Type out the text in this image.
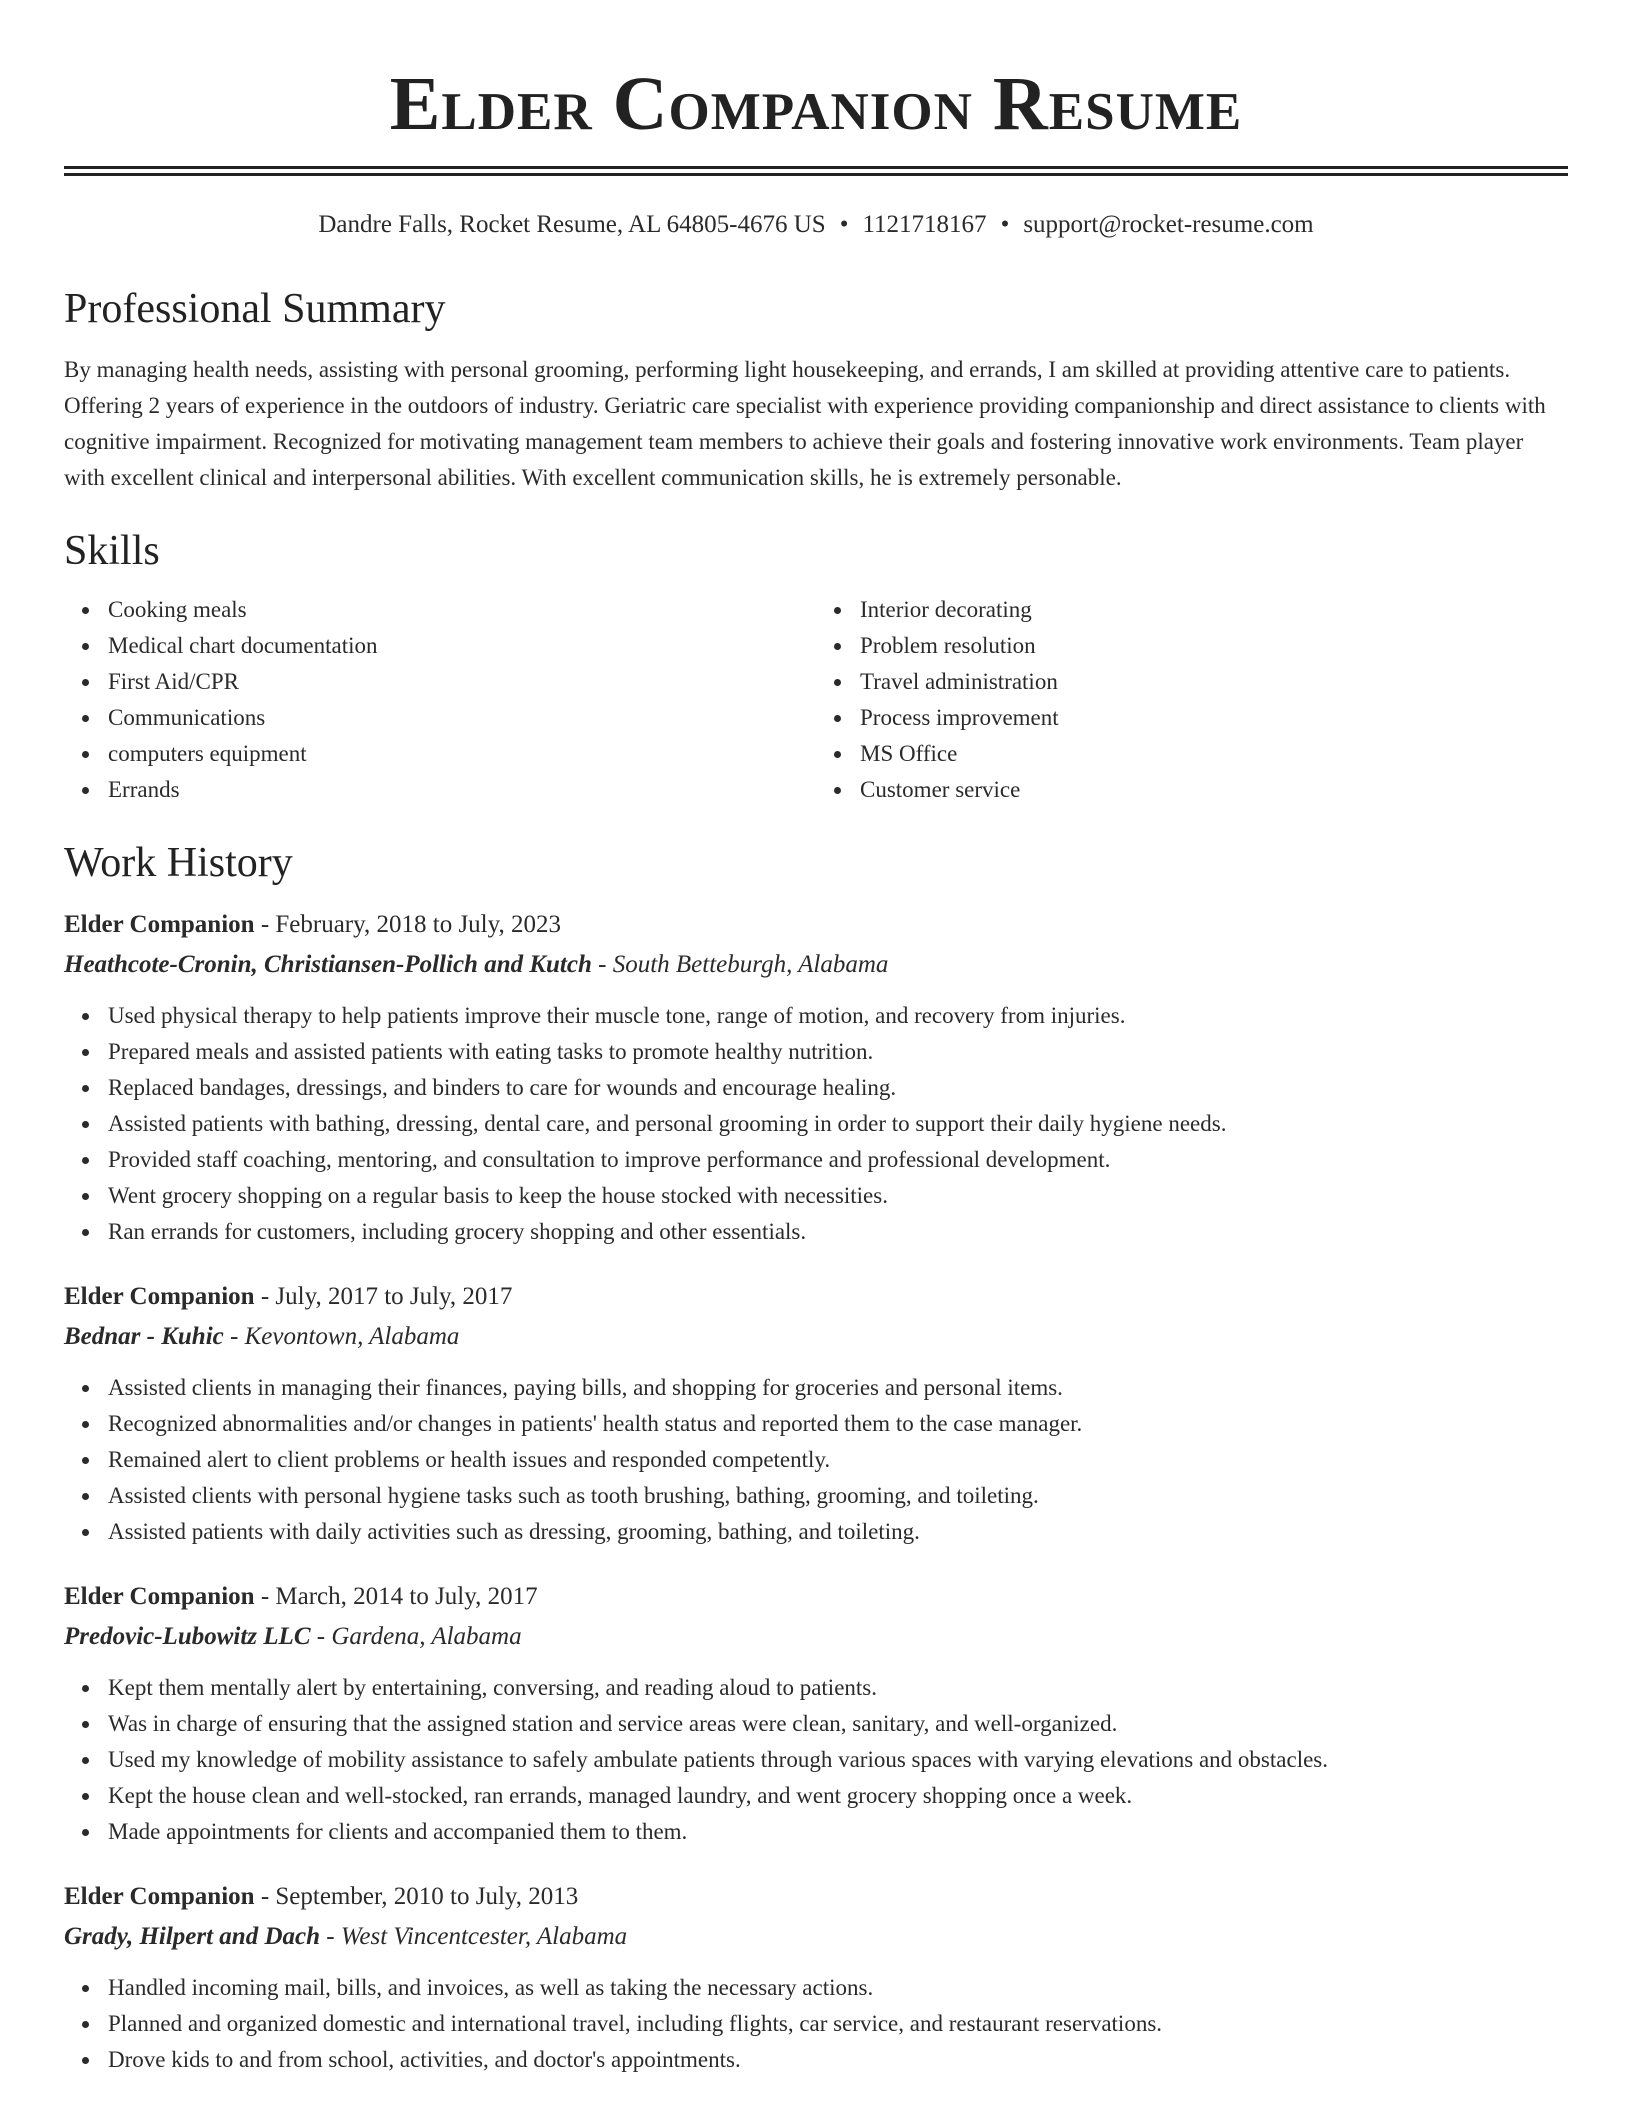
Elder Companion Resume
Dandre Falls, Rocket Resume, AL 64805-4676 US • 1121718167 • support@rocket-resume.com
Professional Summary

By managing health needs, assisting with personal grooming, performing light housekeeping, and errands, I am skilled at providing attentive care to patients. Offering 2 years of experience in the outdoors of industry. Geriatric care specialist with experience providing companionship and direct assistance to clients with cognitive impairment. Recognized for motivating management team members to achieve their goals and fostering innovative work environments. Team player with excellent clinical and interpersonal abilities. With excellent communication skills, he is extremely personable.

Skills
Cooking meals
Medical chart documentation
First Aid/CPR
Communications
computers equipment
Errands
Interior decorating
Problem resolution
Travel administration
Process improvement
MS Office
Customer service
Work History
Elder Companion - February, 2018 to July, 2023
Heathcote-Cronin, Christiansen-Pollich and Kutch - South Betteburgh, Alabama
Used physical therapy to help patients improve their muscle tone, range of motion, and recovery from injuries.
Prepared meals and assisted patients with eating tasks to promote healthy nutrition.
Replaced bandages, dressings, and binders to care for wounds and encourage healing.
Assisted patients with bathing, dressing, dental care, and personal grooming in order to support their daily hygiene needs.
Provided staff coaching, mentoring, and consultation to improve performance and professional development.
Went grocery shopping on a regular basis to keep the house stocked with necessities.
Ran errands for customers, including grocery shopping and other essentials.
Elder Companion - July, 2017 to July, 2017
Bednar - Kuhic - Kevontown, Alabama
Assisted clients in managing their finances, paying bills, and shopping for groceries and personal items.
Recognized abnormalities and/or changes in patients' health status and reported them to the case manager.
Remained alert to client problems or health issues and responded competently.
Assisted clients with personal hygiene tasks such as tooth brushing, bathing, grooming, and toileting.
Assisted patients with daily activities such as dressing, grooming, bathing, and toileting.
Elder Companion - March, 2014 to July, 2017
Predovic-Lubowitz LLC - Gardena, Alabama
Kept them mentally alert by entertaining, conversing, and reading aloud to patients.
Was in charge of ensuring that the assigned station and service areas were clean, sanitary, and well-organized.
Used my knowledge of mobility assistance to safely ambulate patients through various spaces with varying elevations and obstacles.
Kept the house clean and well-stocked, ran errands, managed laundry, and went grocery shopping once a week.
Made appointments for clients and accompanied them to them.
Elder Companion - September, 2010 to July, 2013
Grady, Hilpert and Dach - West Vincentcester, Alabama
Handled incoming mail, bills, and invoices, as well as taking the necessary actions.
Planned and organized domestic and international travel, including flights, car service, and restaurant reservations.
Drove kids to and from school, activities, and doctor's appointments.
